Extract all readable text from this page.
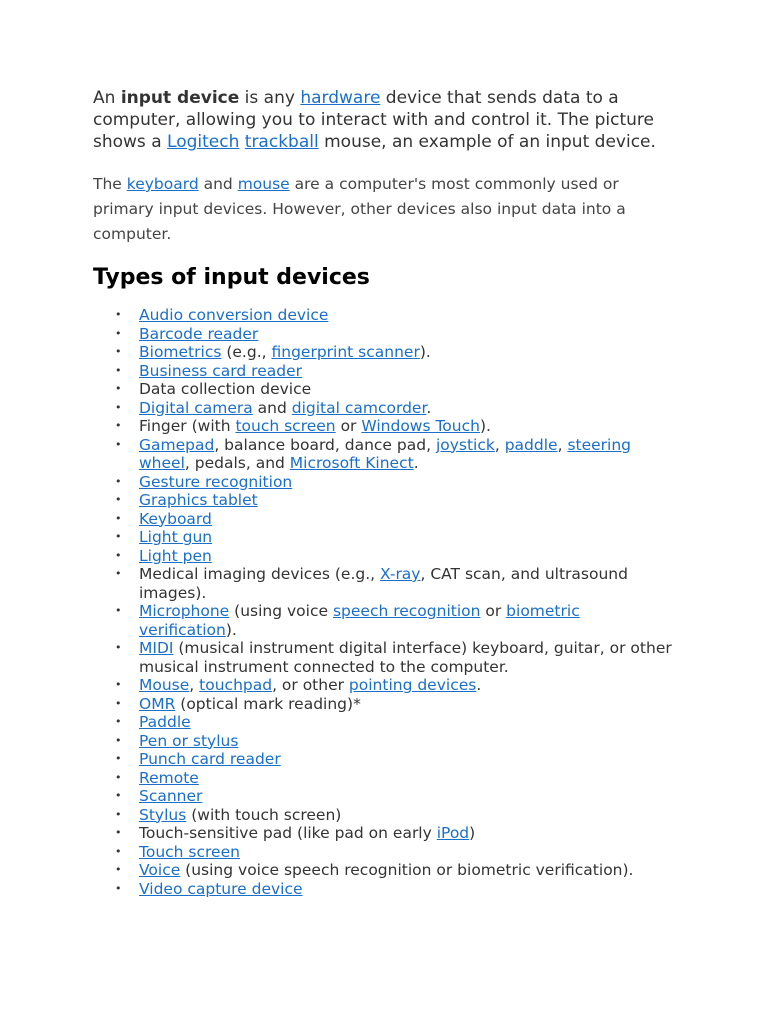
An input device is any hardware device that sends data to a computer, allowing you to interact with and control it. The picture shows a Logitech trackball mouse, an example of an input device.

The keyboard and mouse are a computer's most commonly used or primary input devices. However, other devices also input data into a computer.

Types of input devices
• Audio conversion device
• Barcode reader
• Biometrics (e.g., fingerprint scanner).
• Business card reader
• Data collection device
• Digital camera and digital camcorder.
• Finger (with touch screen or Windows Touch).
• Gamepad, balance board, dance pad, joystick, paddle, steering wheel, pedals, and Microsoft Kinect.
• Gesture recognition
• Graphics tablet
• Keyboard
• Light gun
• Light pen
• Medical imaging devices (e.g., X-ray, CAT scan, and ultrasound images).
• Microphone (using voice speech recognition or biometric verification).
• MIDI (musical instrument digital interface) keyboard, guitar, or other musical instrument connected to the computer.
• Mouse, touchpad, or other pointing devices.
• OMR (optical mark reading)*
• Paddle
• Pen or stylus
• Punch card reader
• Remote
• Scanner
• Stylus (with touch screen)
• Touch-sensitive pad (like pad on early iPod)
• Touch screen
• Voice (using voice speech recognition or biometric verification).
• Video capture device
